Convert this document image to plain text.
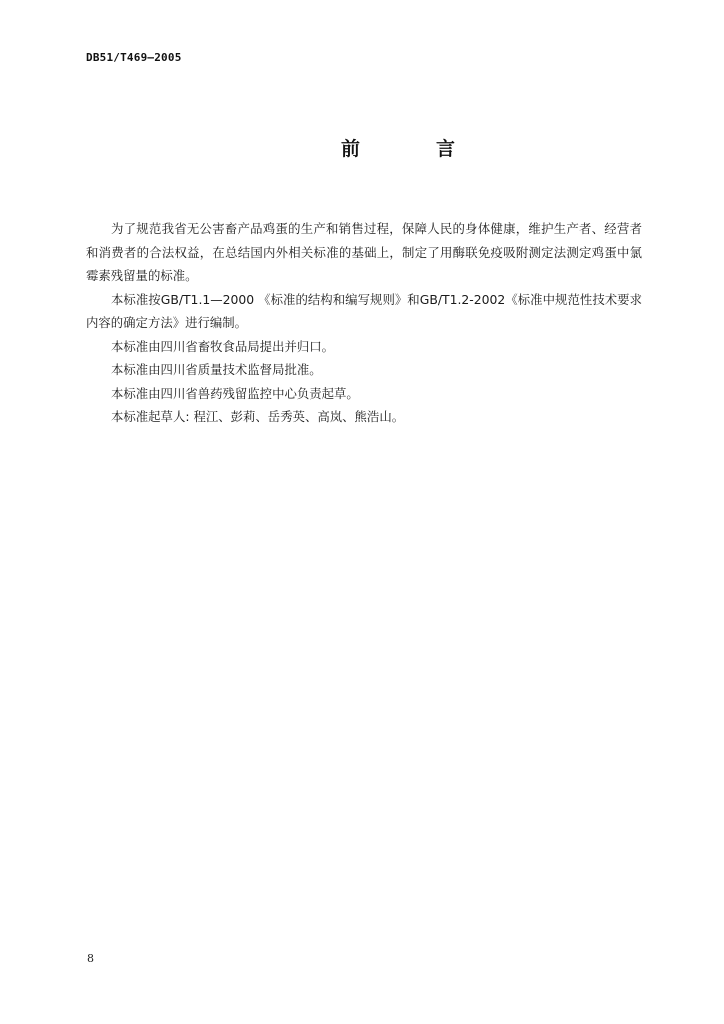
DB51/T469—2005
前	言

为了规范我省无公害畜产品鸡蛋的生产和销售过程，保障人民的身体健康，维护生产者、经营者和消费者的合法权益，在总结国内外相关标准的基础上，制定了用酶联免疫吸附测定法测定鸡蛋中氯霉素残留量的标准。

本标准按GB/T1.1—2000 《标准的结构和编写规则》和GB/T1.2-2002《标准中规范性技术要求内容的确定方法》进行编制。

本标准由四川省畜牧食品局提出并归口。

本标准由四川省质量技术监督局批准。

本标准由四川省兽药残留监控中心负责起草。

本标准起草人: 程江、彭莉、岳秀英、高岚、熊浩山。

8
